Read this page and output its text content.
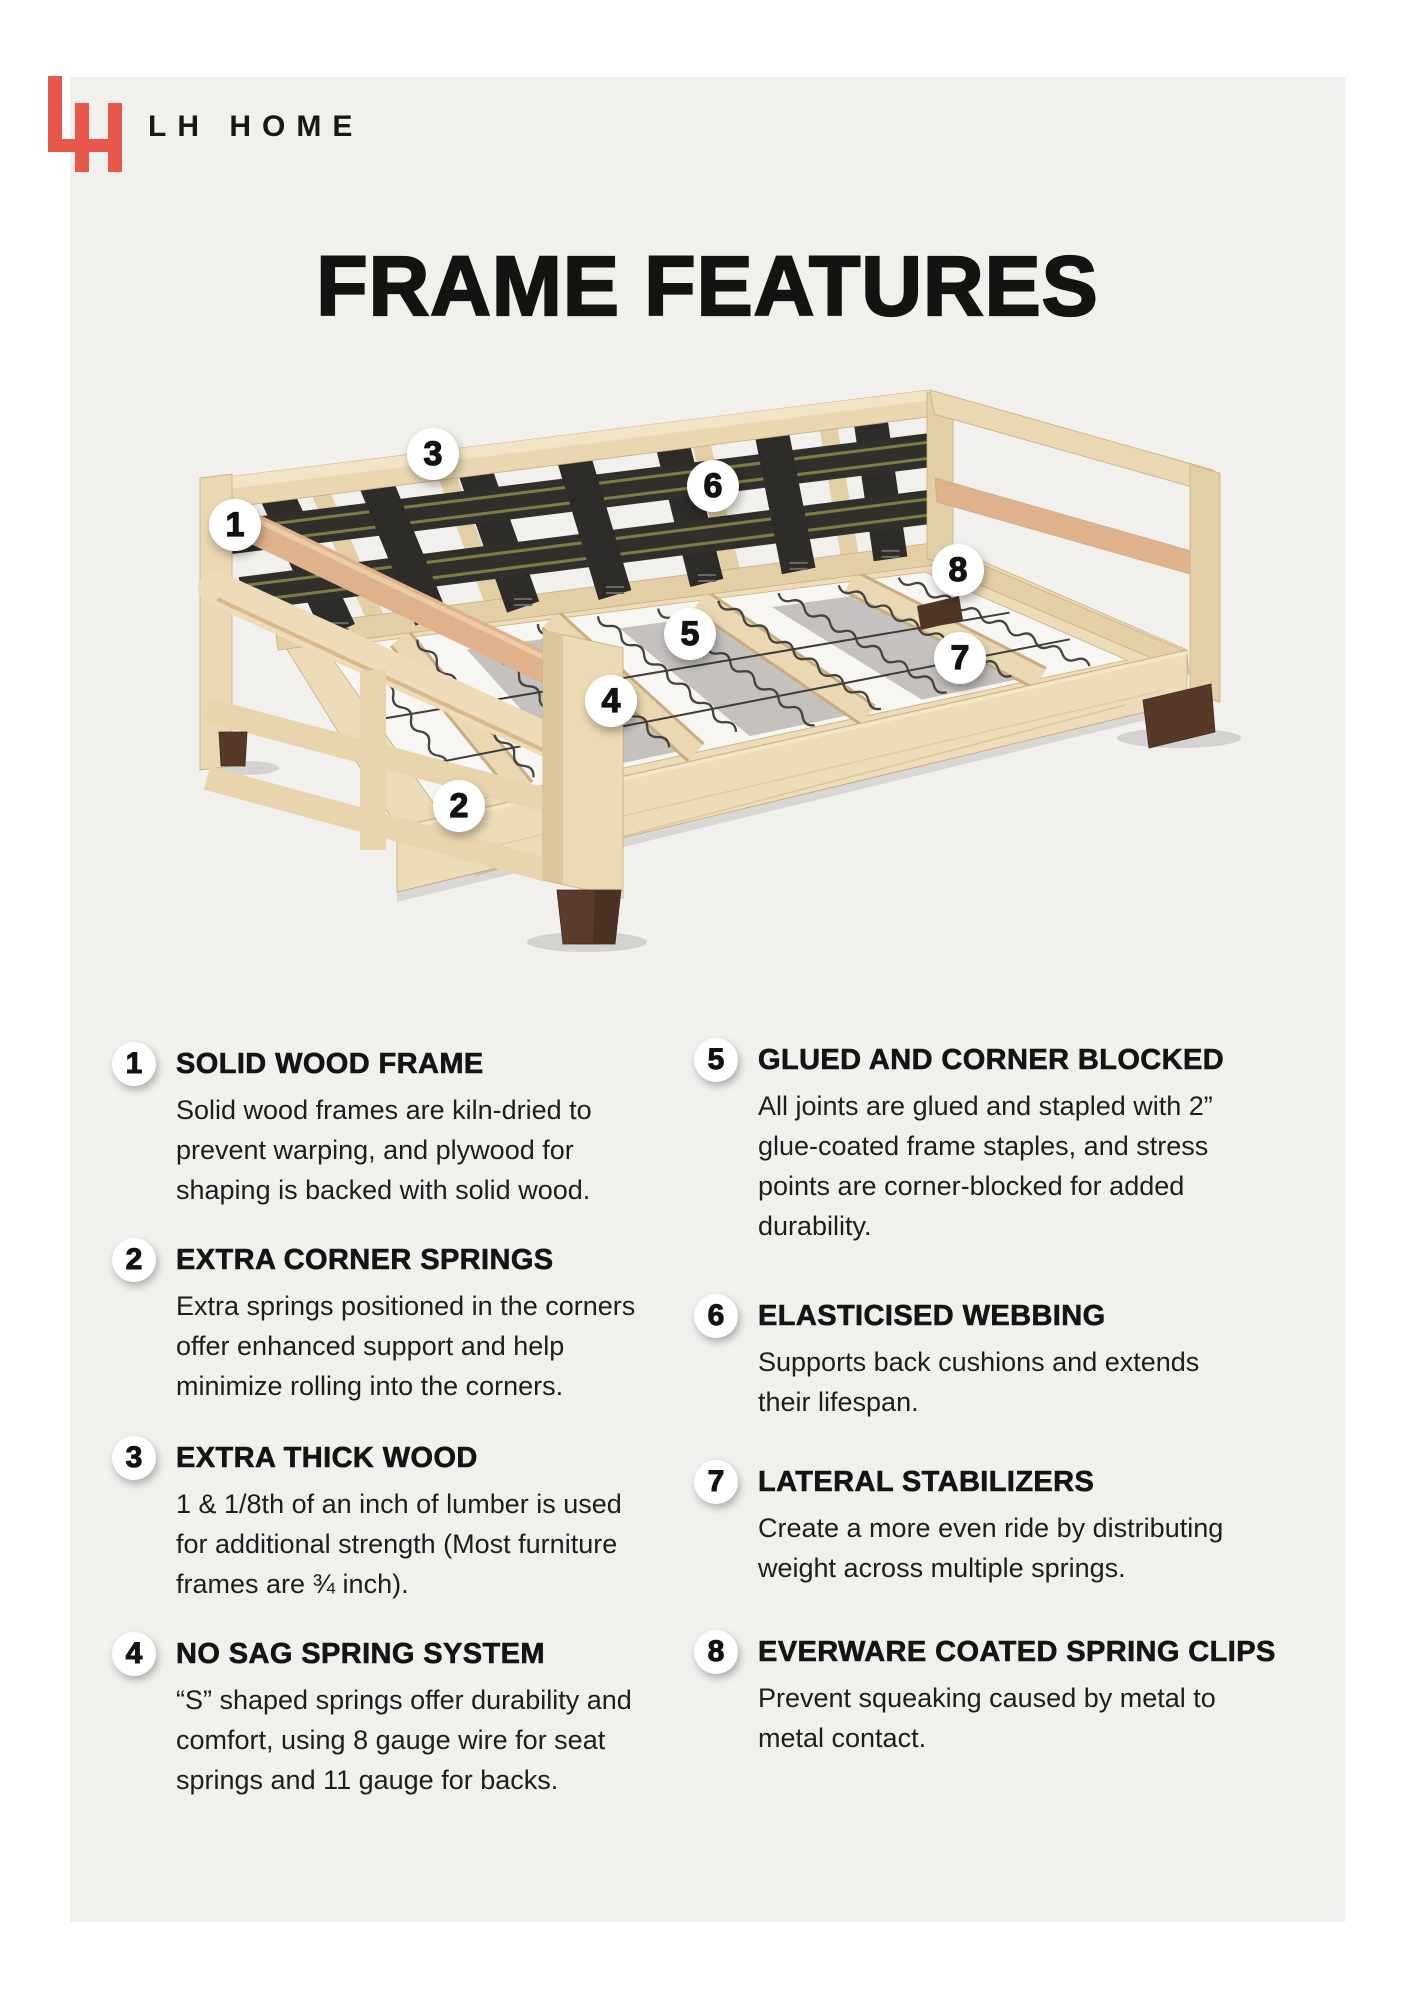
LH HOME
FRAME FEATURES
1
2
3
4
5
6
7
8
1 SOLID WOOD FRAME

Solid wood frames are kiln-dried to
prevent warping, and plywood for
shaping is backed with solid wood.

2 EXTRA CORNER SPRINGS

Extra springs positioned in the corners
offer enhanced support and help
minimize rolling into the corners.

3 EXTRA THICK WOOD

1 & 1/8th of an inch of lumber is used
for additional strength (Most furniture
frames are ¾ inch).

4 NO SAG SPRING SYSTEM

“S” shaped springs offer durability and
comfort, using 8 gauge wire for seat
springs and 11 gauge for backs.

5 GLUED AND CORNER BLOCKED

All joints are glued and stapled with 2”
glue-coated frame staples, and stress
points are corner-blocked for added
durability.

6 ELASTICISED WEBBING

Supports back cushions and extends
their lifespan.

7 LATERAL STABILIZERS

Create a more even ride by distributing
weight across multiple springs.

8 EVERWARE COATED SPRING CLIPS

Prevent squeaking caused by metal to
metal contact.
